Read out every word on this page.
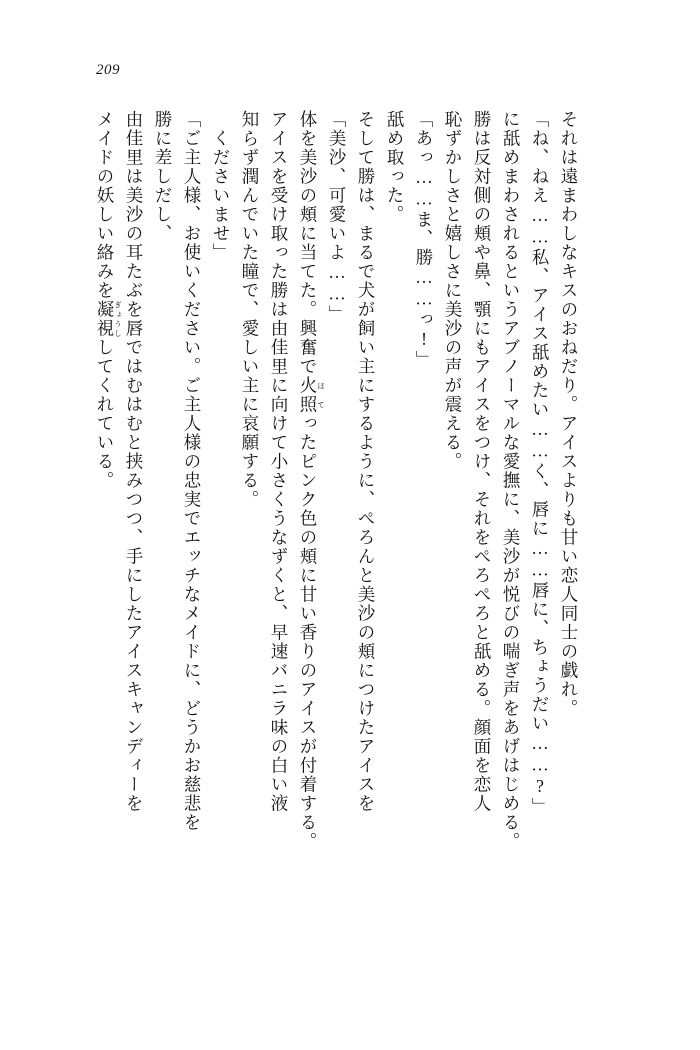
209
メイドの妖しい絡みを凝視ぎょうししてくれている。 由佳里は美沙の耳たぶを唇ではむはむと挟みつつ、手にしたアイスキャンディーを 勝に差しだし、 「ご主人様、お使いください。ご主人様の忠実でエッチなメイドに、どうかお慈悲を くださいませ」 知らず潤んでいた瞳で、愛しい主に哀願する。 アイスを受け取った勝は由佳里に向けて小さくうなずくと、早速バニラ味の白い液 体を美沙の頬に当てた。興奮で火照ほてったピンク色の頬に甘い香りのアイスが付着する。
「美沙、可愛いよ……」 そして勝は、まるで犬が飼い主にするように、ぺろんと美沙の頬につけたアイスを 舐め取った。 「あっ……ま、勝……っ!」 恥ずかしさと嬉しさに美沙の声が震える。 勝は反対側の頬や鼻、顎にもアイスをつけ、それをぺろぺろと舐める。顔面を恋人 に舐めまわされるというアブノーマルな愛撫に、美沙が悦びの喘ぎ声をあげはじめる。 「ね、ねえ……私、アイス舐めたい……く、唇に……唇に、ちょうだい……?」 それは遠まわしなキスのおねだり。アイスよりも甘い恋人同士の戯れ。
